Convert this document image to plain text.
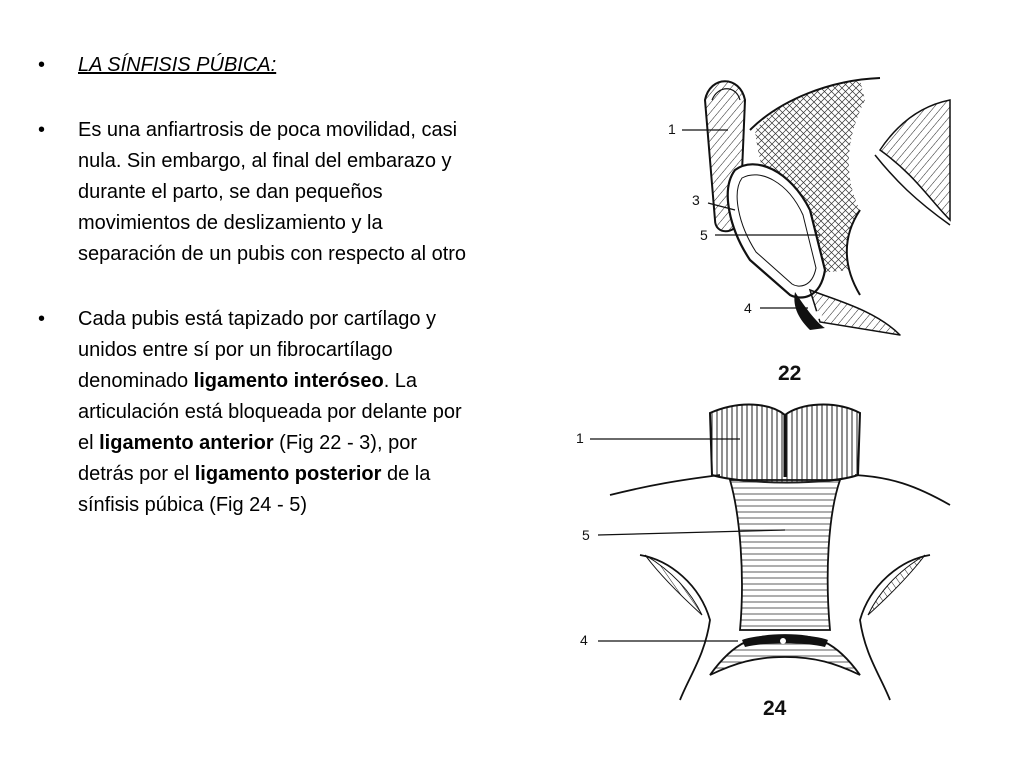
•	LA SÍNFISIS PÚBICA:
•	Es una anfiartrosis de poca movilidad, casi nula. Sin embargo, al final del embarazo y durante el parto, se dan pequeños movimientos de deslizamiento y la separación de un pubis con respecto al otro
•	Cada pubis está tapizado por cartílago y unidos entre sí por un fibrocartílago denominado ligamento interóseo. La articulación está bloqueada por delante por el ligamento anterior (Fig 22 - 3), por detrás por el ligamento posterior de la sínfisis púbica (Fig 24 - 5)
1
3
5
4
22
1
5
4
24
